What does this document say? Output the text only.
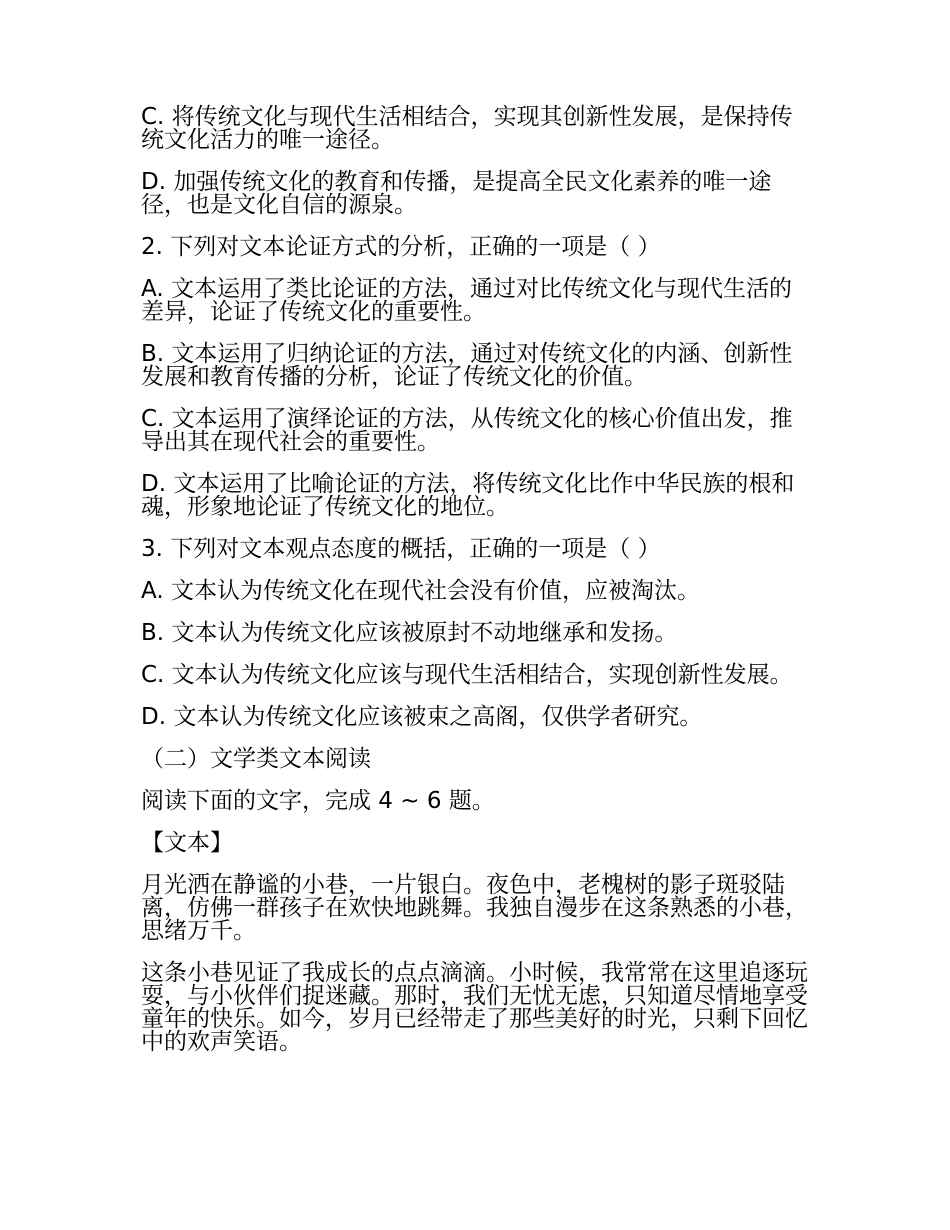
C. 将传统文化与现代生活相结合，实现其创新性发展，是保持传统文化活力的唯一途径。

D. 加强传统文化的教育和传播，是提高全民文化素养的唯一途径，也是文化自信的源泉。

2. 下列对文本论证方式的分析，正确的一项是（ ）

A. 文本运用了类比论证的方法，通过对比传统文化与现代生活的差异，论证了传统文化的重要性。

B. 文本运用了归纳论证的方法，通过对传统文化的内涵、创新性发展和教育传播的分析，论证了传统文化的价值。

C. 文本运用了演绎论证的方法，从传统文化的核心价值出发，推导出其在现代社会的重要性。

D. 文本运用了比喻论证的方法，将传统文化比作中华民族的根和魂，形象地论证了传统文化的地位。

3. 下列对文本观点态度的概括，正确的一项是（ ）

A. 文本认为传统文化在现代社会没有价值，应被淘汰。

B. 文本认为传统文化应该被原封不动地继承和发扬。

C. 文本认为传统文化应该与现代生活相结合，实现创新性发展。

D. 文本认为传统文化应该被束之高阁，仅供学者研究。

（二）文学类文本阅读

阅读下面的文字，完成 4 ~ 6 题。

【文本】

月光洒在静谧的小巷，一片银白。夜色中，老槐树的影子斑驳陆离，仿佛一群孩子在欢快地跳舞。我独自漫步在这条熟悉的小巷，思绪万千。

这条小巷见证了我成长的点点滴滴。小时候，我常常在这里追逐玩耍，与小伙伴们捉迷藏。那时，我们无忧无虑，只知道尽情地享受童年的快乐。如今，岁月已经带走了那些美好的时光，只剩下回忆中的欢声笑语。
